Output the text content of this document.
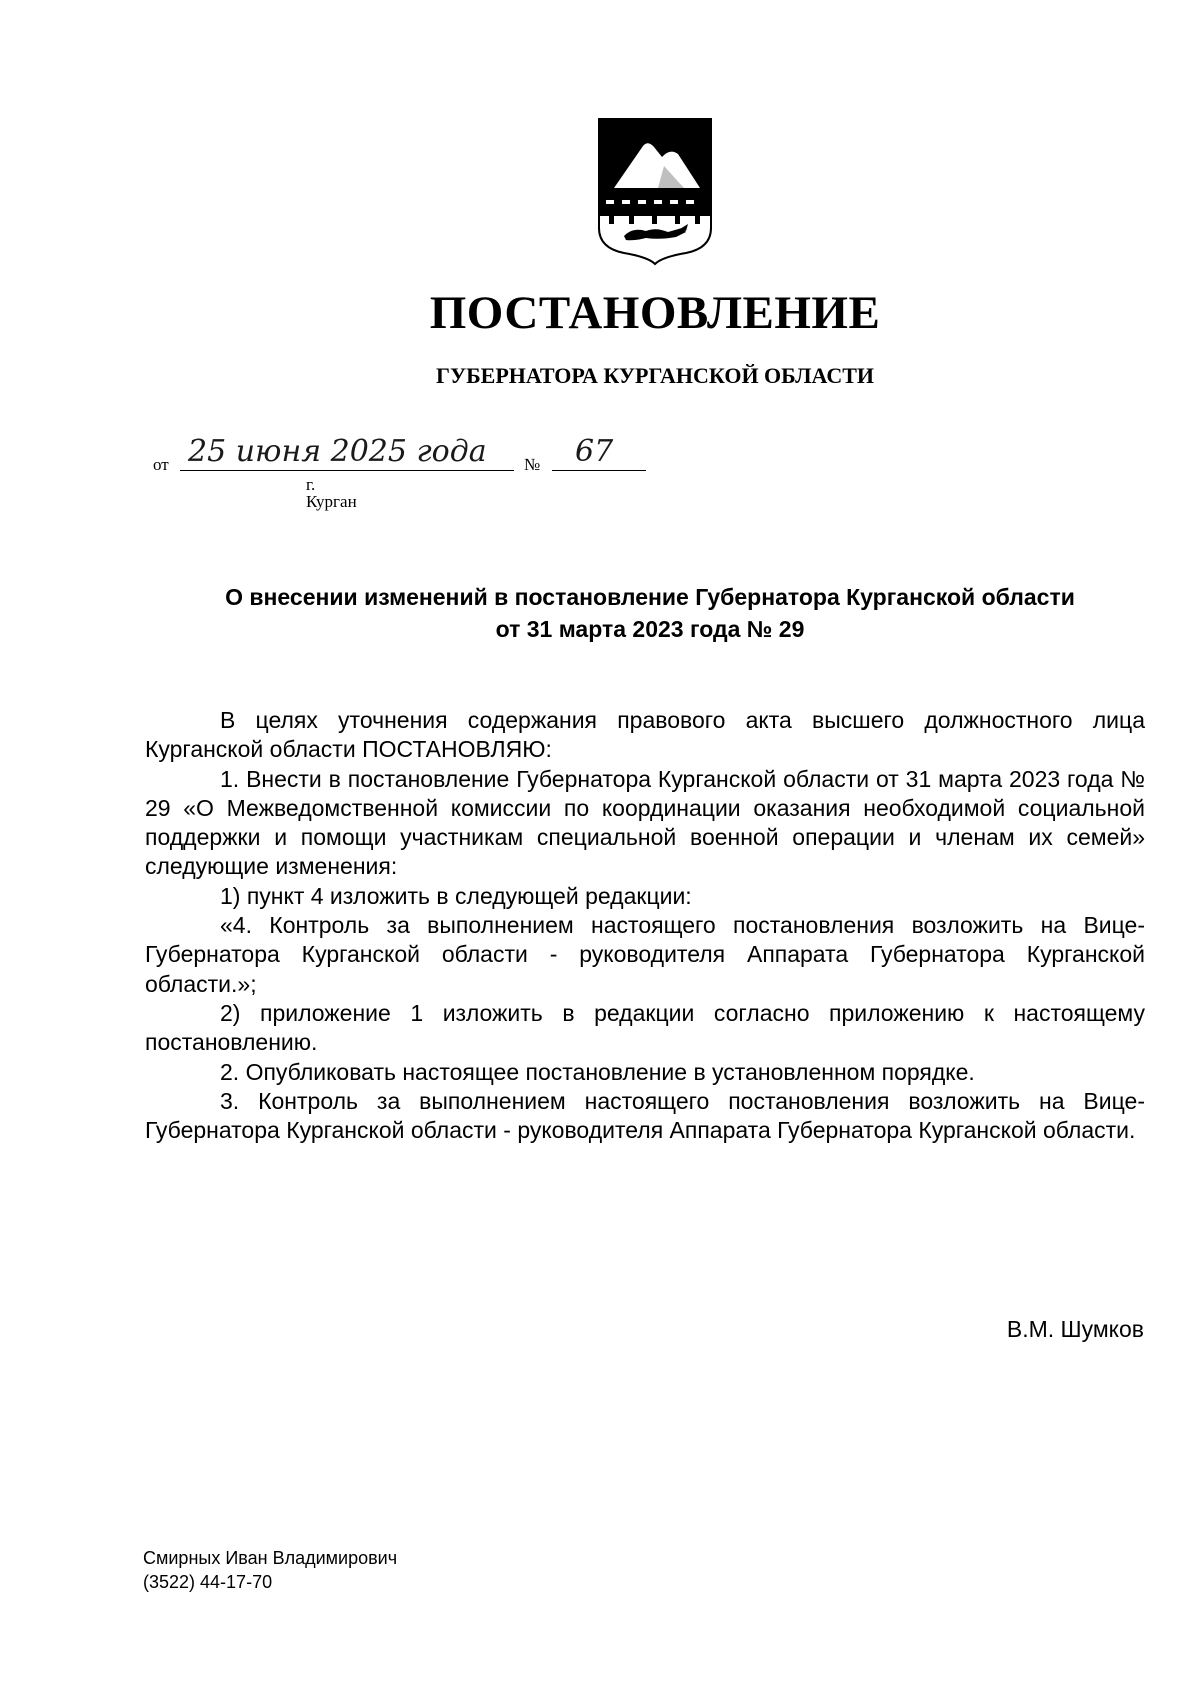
ПОСТАНОВЛЕНИЕ
ГУБЕРНАТОРА КУРГАНСКОЙ ОБЛАСТИ
от 25 июня 2025 года № 67
г. Курган
О внесении изменений в постановление Губернатора Курганской области
от 31 марта 2023 года № 29

В целях уточнения содержания правового акта высшего должностного лица Курганской области ПОСТАНОВЛЯЮ:

1. Внести в постановление Губернатора Курганской области от 31 марта 2023 года № 29 «О Межведомственной комиссии по координации оказания необходимой социальной поддержки и помощи участникам специальной военной операции и членам их семей» следующие изменения:

1) пункт 4 изложить в следующей редакции:

«4. Контроль за выполнением настоящего постановления возложить на Вице-Губернатора Курганской области - руководителя Аппарата Губернатора Курганской области.»;

2) приложение 1 изложить в редакции согласно приложению к настоящему постановлению.

2. Опубликовать настоящее постановление в установленном порядке.

3. Контроль за выполнением настоящего постановления возложить на Вице-Губернатора Курганской области - руководителя Аппарата Губернатора Курганской области.

В.М. Шумков
Смирных Иван Владимирович
(3522) 44-17-70
